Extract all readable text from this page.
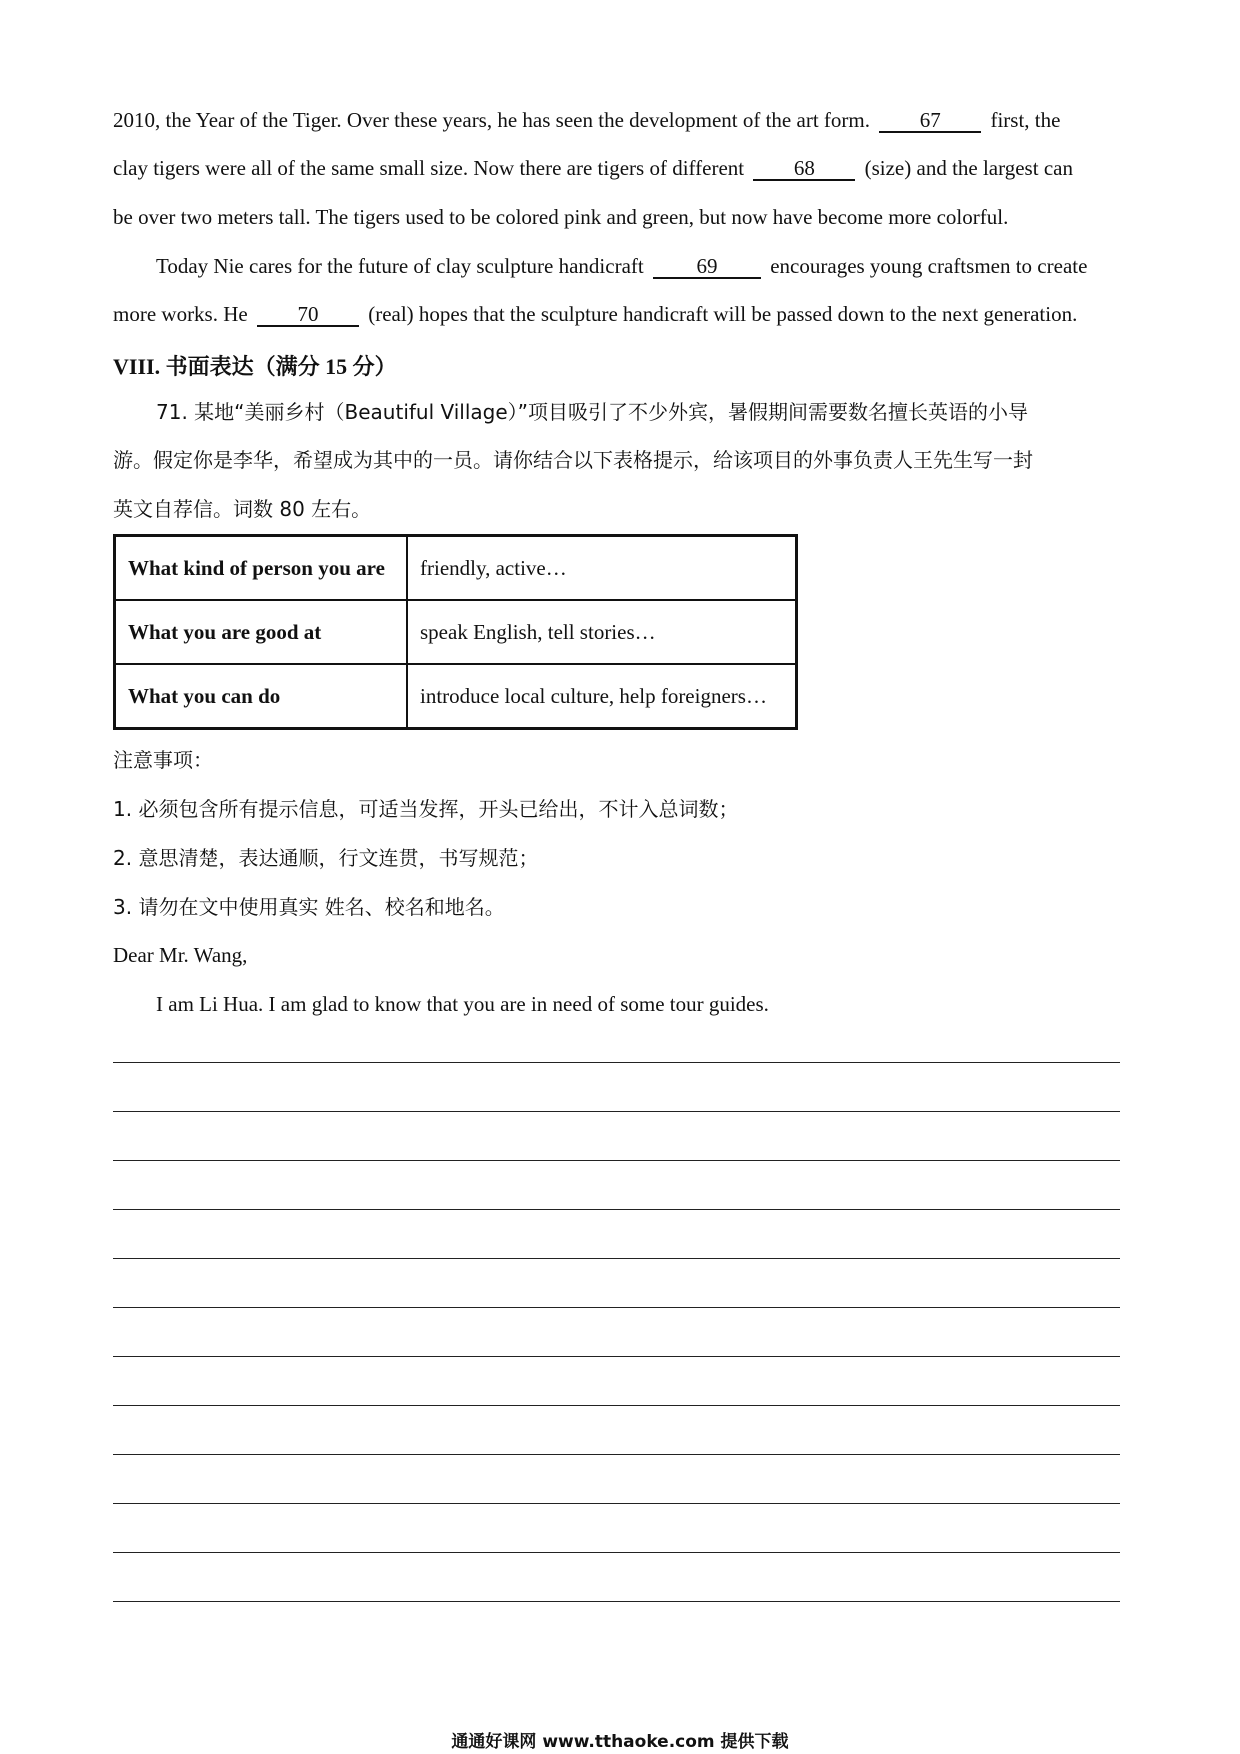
2010, the Year of the Tiger. Over these years, he has seen the development of the art form. 67 first, the
clay tigers were all of the same small size. Now there are tigers of different 68 (size) and the largest can
be over two meters tall. The tigers used to be colored pink and green, but now have become more colorful.
Today Nie cares for the future of clay sculpture handicraft	69	encourages young craftsmen to create
more works. He 70 (real) hopes that the sculpture handicraft will be passed down to the next generation.
VIII. 书面表达（满分 15 分）
71. 某地“美丽乡村（Beautiful Village）”项目吸引了不少外宾，暑假期间需要数名擅长英语的小导
游。假定你是李华，希望成为其中的一员。请你结合以下表格提示，给该项目的外事负责人王先生写一封
英文自荐信。词数 80 左右。
What kind of person you are	friendly, active…
What you are good at	speak English, tell stories…
What you can do	introduce local culture, help foreigners…
注意事项：
1. 必须包含所有提示信息，可适当发挥，开头已给出，不计入总词数；
2. 意思清楚，表达通顺，行文连贯，书写规范；
3. 请勿在文中使用真实 姓名、校名和地名。
Dear Mr. Wang,
I am Li Hua. I am glad to know that you are in need of some tour guides.
通通好课网 www.tthaoke.com 提供下载
